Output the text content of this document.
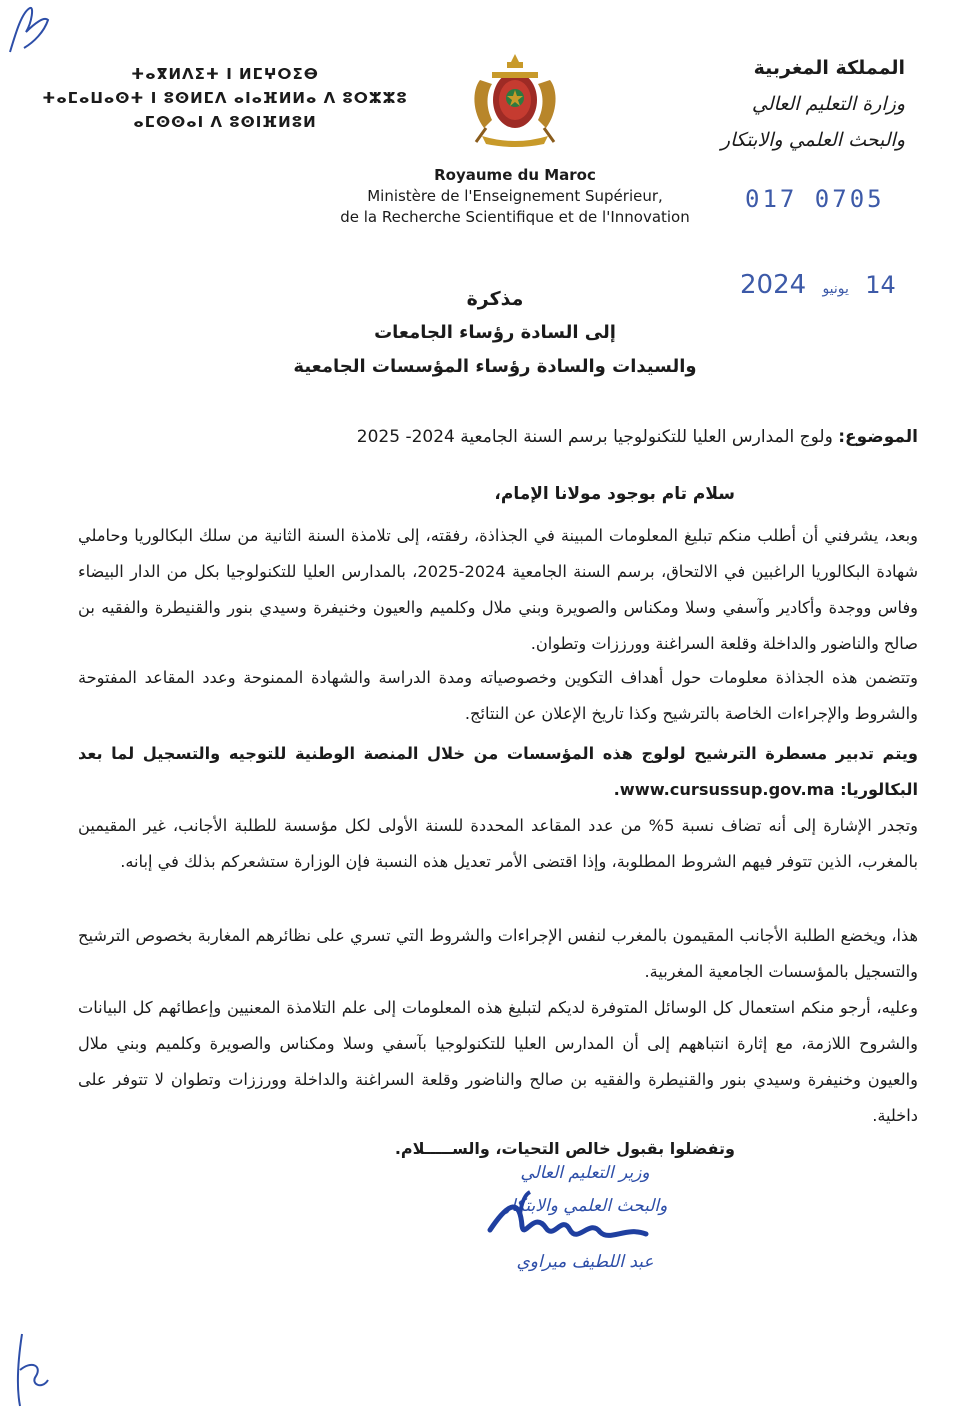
المملكة المغربية
وزارة التعليم العالي
والبحث العلمي والابتكار
ⵜⴰⴳⵍⴷⵉⵜ ⵏ ⵍⵎⵖⵔⵉⴱ
ⵜⴰⵎⴰⵡⴰⵙⵜ ⵏ ⵓⵙⵍⵎⴷ ⴰⵏⴰⴼⵍⵍⴰ ⴷ ⵓⵔⵣⵣⵓ
ⴰⵎⵙⵙⴰⵏ ⴷ ⵓⵙⵏⴼⵍⵓⵍ
Royaume du Maroc
Ministère de l'Enseignement Supérieur,
de la Recherche Scientifique et de l'Innovation
017 0705
14 يونيو 2024
مذكرة
إلى السادة رؤساء الجامعات
والسيدات والسادة رؤساء المؤسسات الجامعية
الموضوع: ولوج المدارس العليا للتكنولوجيا برسم السنة الجامعية 2024- 2025
سلام تام بوجود مولانا الإمام،
وبعد، يشرفني أن أطلب منكم تبليغ المعلومات المبينة في الجذاذة، رفقته، إلى تلامذة السنة الثانية من سلك البكالوريا وحاملي شهادة البكالوريا الراغبين في الالتحاق، برسم السنة الجامعية 2024-2025، بالمدارس العليا للتكنولوجيا بكل من الدار البيضاء وفاس ووجدة وأكادير وآسفي وسلا ومكناس والصويرة وبني ملال وكلميم والعيون وخنيفرة وسيدي بنور والقنيطرة والفقيه بن صالح والناضور والداخلة وقلعة السراغنة وورززات وتطوان.
وتتضمن هذه الجذاذة معلومات حول أهداف التكوين وخصوصياته ومدة الدراسة والشهادة الممنوحة وعدد المقاعد المفتوحة والشروط والإجراءات الخاصة بالترشيح وكذا تاريخ الإعلان عن النتائج.
ويتم تدبير مسطرة الترشيح لولوج هذه المؤسسات من خلال المنصة الوطنية للتوجيه والتسجيل لما بعد البكالوريا: www.cursussup.gov.ma.
وتجدر الإشارة إلى أنه تضاف نسبة 5% من عدد المقاعد المحددة للسنة الأولى لكل مؤسسة للطلبة الأجانب، غير المقيمين بالمغرب، الذين تتوفر فيهم الشروط المطلوبة، وإذا اقتضى الأمر تعديل هذه النسبة فإن الوزارة ستشعركم بذلك في إبانه.
هذا، ويخضع الطلبة الأجانب المقيمون بالمغرب لنفس الإجراءات والشروط التي تسري على نظائرهم المغاربة بخصوص الترشيح والتسجيل بالمؤسسات الجامعية المغربية.
وعليه، أرجو منكم استعمال كل الوسائل المتوفرة لديكم لتبليغ هذه المعلومات إلى علم التلامذة المعنيين وإعطائهم كل البيانات والشروح اللازمة، مع إثارة انتباههم إلى أن المدارس العليا للتكنولوجيا بآسفي وسلا ومكناس والصويرة وكلميم وبني ملال والعيون وخنيفرة وسيدي بنور والقنيطرة والفقيه بن صالح والناضور وقلعة السراغنة والداخلة وورززات وتطوان لا تتوفر على داخلية.
وتفضلوا بقبول خالص التحيات، والســـــلام.
وزير التعليم العالي
والبحث العلمي والابتكار
عبد اللطيف ميراوي
